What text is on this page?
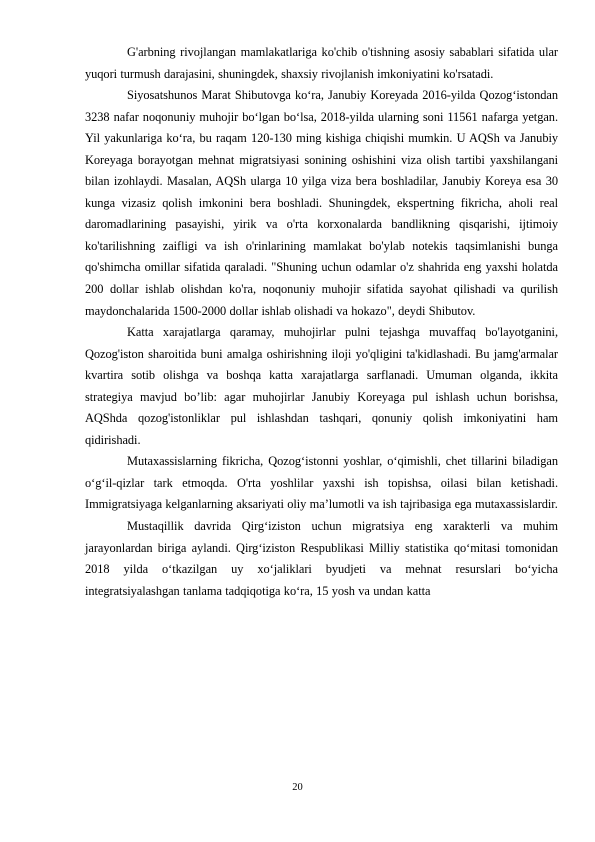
G'arbning rivojlangan mamlakatlariga ko'chib o'tishning asosiy sabablari sifatida ular yuqori turmush darajasini, shuningdek, shaxsiy rivojlanish imkoniyatini ko'rsatadi.

Siyosatshunos Marat Shibutovga ko‘ra, Janubiy Koreyada 2016-yilda Qozog‘istondan 3238 nafar noqonuniy muhojir bo‘lgan bo‘lsa, 2018-yilda ularning soni 11561 nafarga yetgan. Yil yakunlariga ko‘ra, bu raqam 120-130 ming kishiga chiqishi mumkin. U AQSh va Janubiy Koreyaga borayotgan mehnat migratsiyasi sonining oshishini viza olish tartibi yaxshilangani bilan izohlaydi. Masalan, AQSh ularga 10 yilga viza bera boshladilar, Janubiy Koreya esa 30 kunga vizasiz qolish imkonini bera boshladi. Shuningdek, ekspertning fikricha, aholi real daromadlarining pasayishi, yirik va o'rta korxonalarda bandlikning qisqarishi, ijtimoiy ko'tarilishning zaifligi va ish o'rinlarining mamlakat bo'ylab notekis taqsimlanishi bunga qo'shimcha omillar sifatida qaraladi. "Shuning uchun odamlar o'z shahrida eng yaxshi holatda 200 dollar ishlab olishdan ko'ra, noqonuniy muhojir sifatida sayohat qilishadi va qurilish maydonchalarida 1500-2000 dollar ishlab olishadi va hokazo", deydi Shibutov.

Katta xarajatlarga qaramay, muhojirlar pulni tejashga muvaffaq bo'layotganini, Qozog'iston sharoitida buni amalga oshirishning iloji yo'qligini ta'kidlashadi. Bu jamg'armalar kvartira sotib olishga va boshqa katta xarajatlarga sarflanadi. Umuman olganda, ikkita strategiya mavjud bo’lib: agar muhojirlar Janubiy Koreyaga pul ishlash uchun borishsa, AQShda qozog'istonliklar pul ishlashdan tashqari, qonuniy qolish imkoniyatini ham qidirishadi.

Mutaxassislarning fikricha, Qozog‘istonni yoshlar, o‘qimishli, chet tillarini biladigan o‘g‘il-qizlar tark etmoqda. O'rta yoshlilar yaxshi ish topishsa, oilasi bilan ketishadi. Immigratsiyaga kelganlarning aksariyati oliy ma’lumotli va ish tajribasiga ega mutaxassislardir.

Mustaqillik davrida Qirg‘iziston uchun migratsiya eng xarakterli va muhim jarayonlardan biriga aylandi. Qirg‘iziston Respublikasi Milliy statistika qo‘mitasi tomonidan 2018 yilda o‘tkazilgan uy xo‘jaliklari byudjeti va mehnat resurslari bo‘yicha integratsiyalashgan tanlama tadqiqotiga ko‘ra, 15 yosh va undan katta

20
